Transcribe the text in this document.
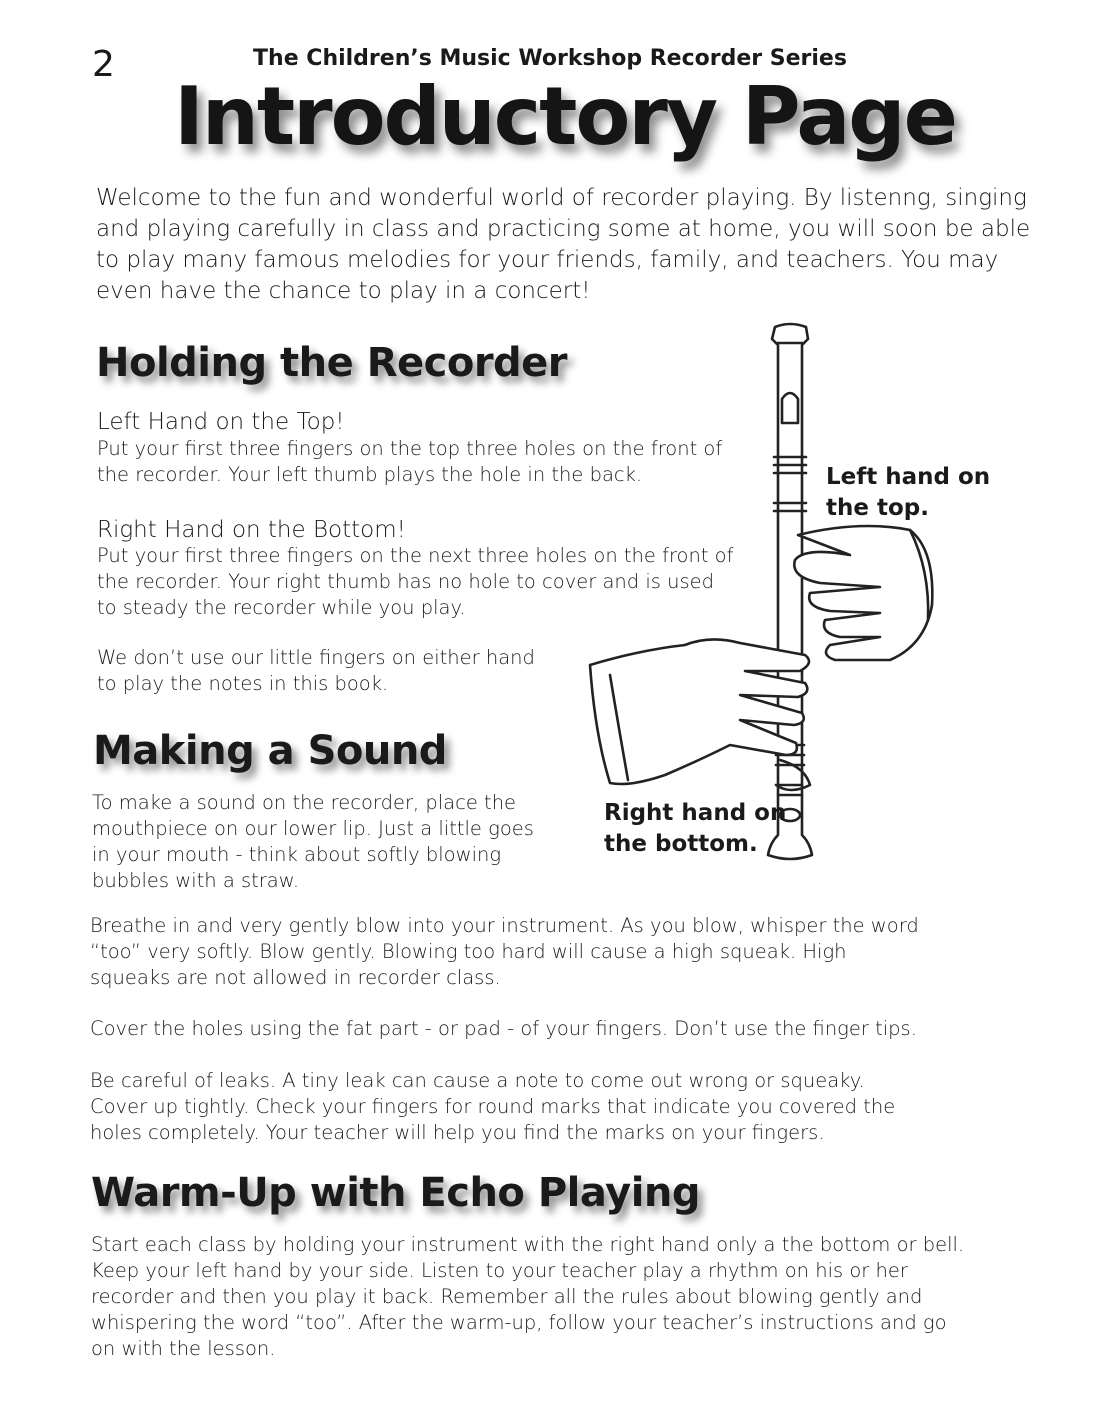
2	The Children’s Music Workshop Recorder Series
Introductory Page
Welcome to the fun and wonderful world of recorder playing. By listenng, singing and playing carefully in class and practicing some at home, you will soon be able to play many famous melodies for your friends, family, and teachers. You may even have the chance to play in a concert!
Holding the Recorder
Left Hand on the Top!
Put your first three fingers on the top three holes on the front of
the recorder. Your left thumb plays the hole in the back.
Right Hand on the Bottom!
Put your first three fingers on the next three holes on the front of
the recorder. Your right thumb has no hole to cover and is used
to steady the recorder while you play.
We don’t use our little fingers on either hand
to play the notes in this book.
Left hand on
the top.
Right hand on
the bottom.
Making a Sound
To make a sound on the recorder, place the
mouthpiece on our lower lip. Just a little goes
in your mouth - think about softly blowing
bubbles with a straw.
Breathe in and very gently blow into your instrument. As you blow, whisper the word
“too” very softly. Blow gently. Blowing too hard will cause a high squeak. High
squeaks are not allowed in recorder class.
Cover the holes using the fat part - or pad - of your fingers. Don’t use the finger tips.
Be careful of leaks. A tiny leak can cause a note to come out wrong or squeaky.
Cover up tightly. Check your fingers for round marks that indicate you covered the
holes completely. Your teacher will help you find the marks on your fingers.
Warm-Up with Echo Playing
Start each class by holding your instrument with the right hand only a the bottom or bell.
Keep your left hand by your side. Listen to your teacher play a rhythm on his or her
recorder and then you play it back. Remember all the rules about blowing gently and
whispering the word “too”. After the warm-up, follow your teacher’s instructions and go
on with the lesson.
